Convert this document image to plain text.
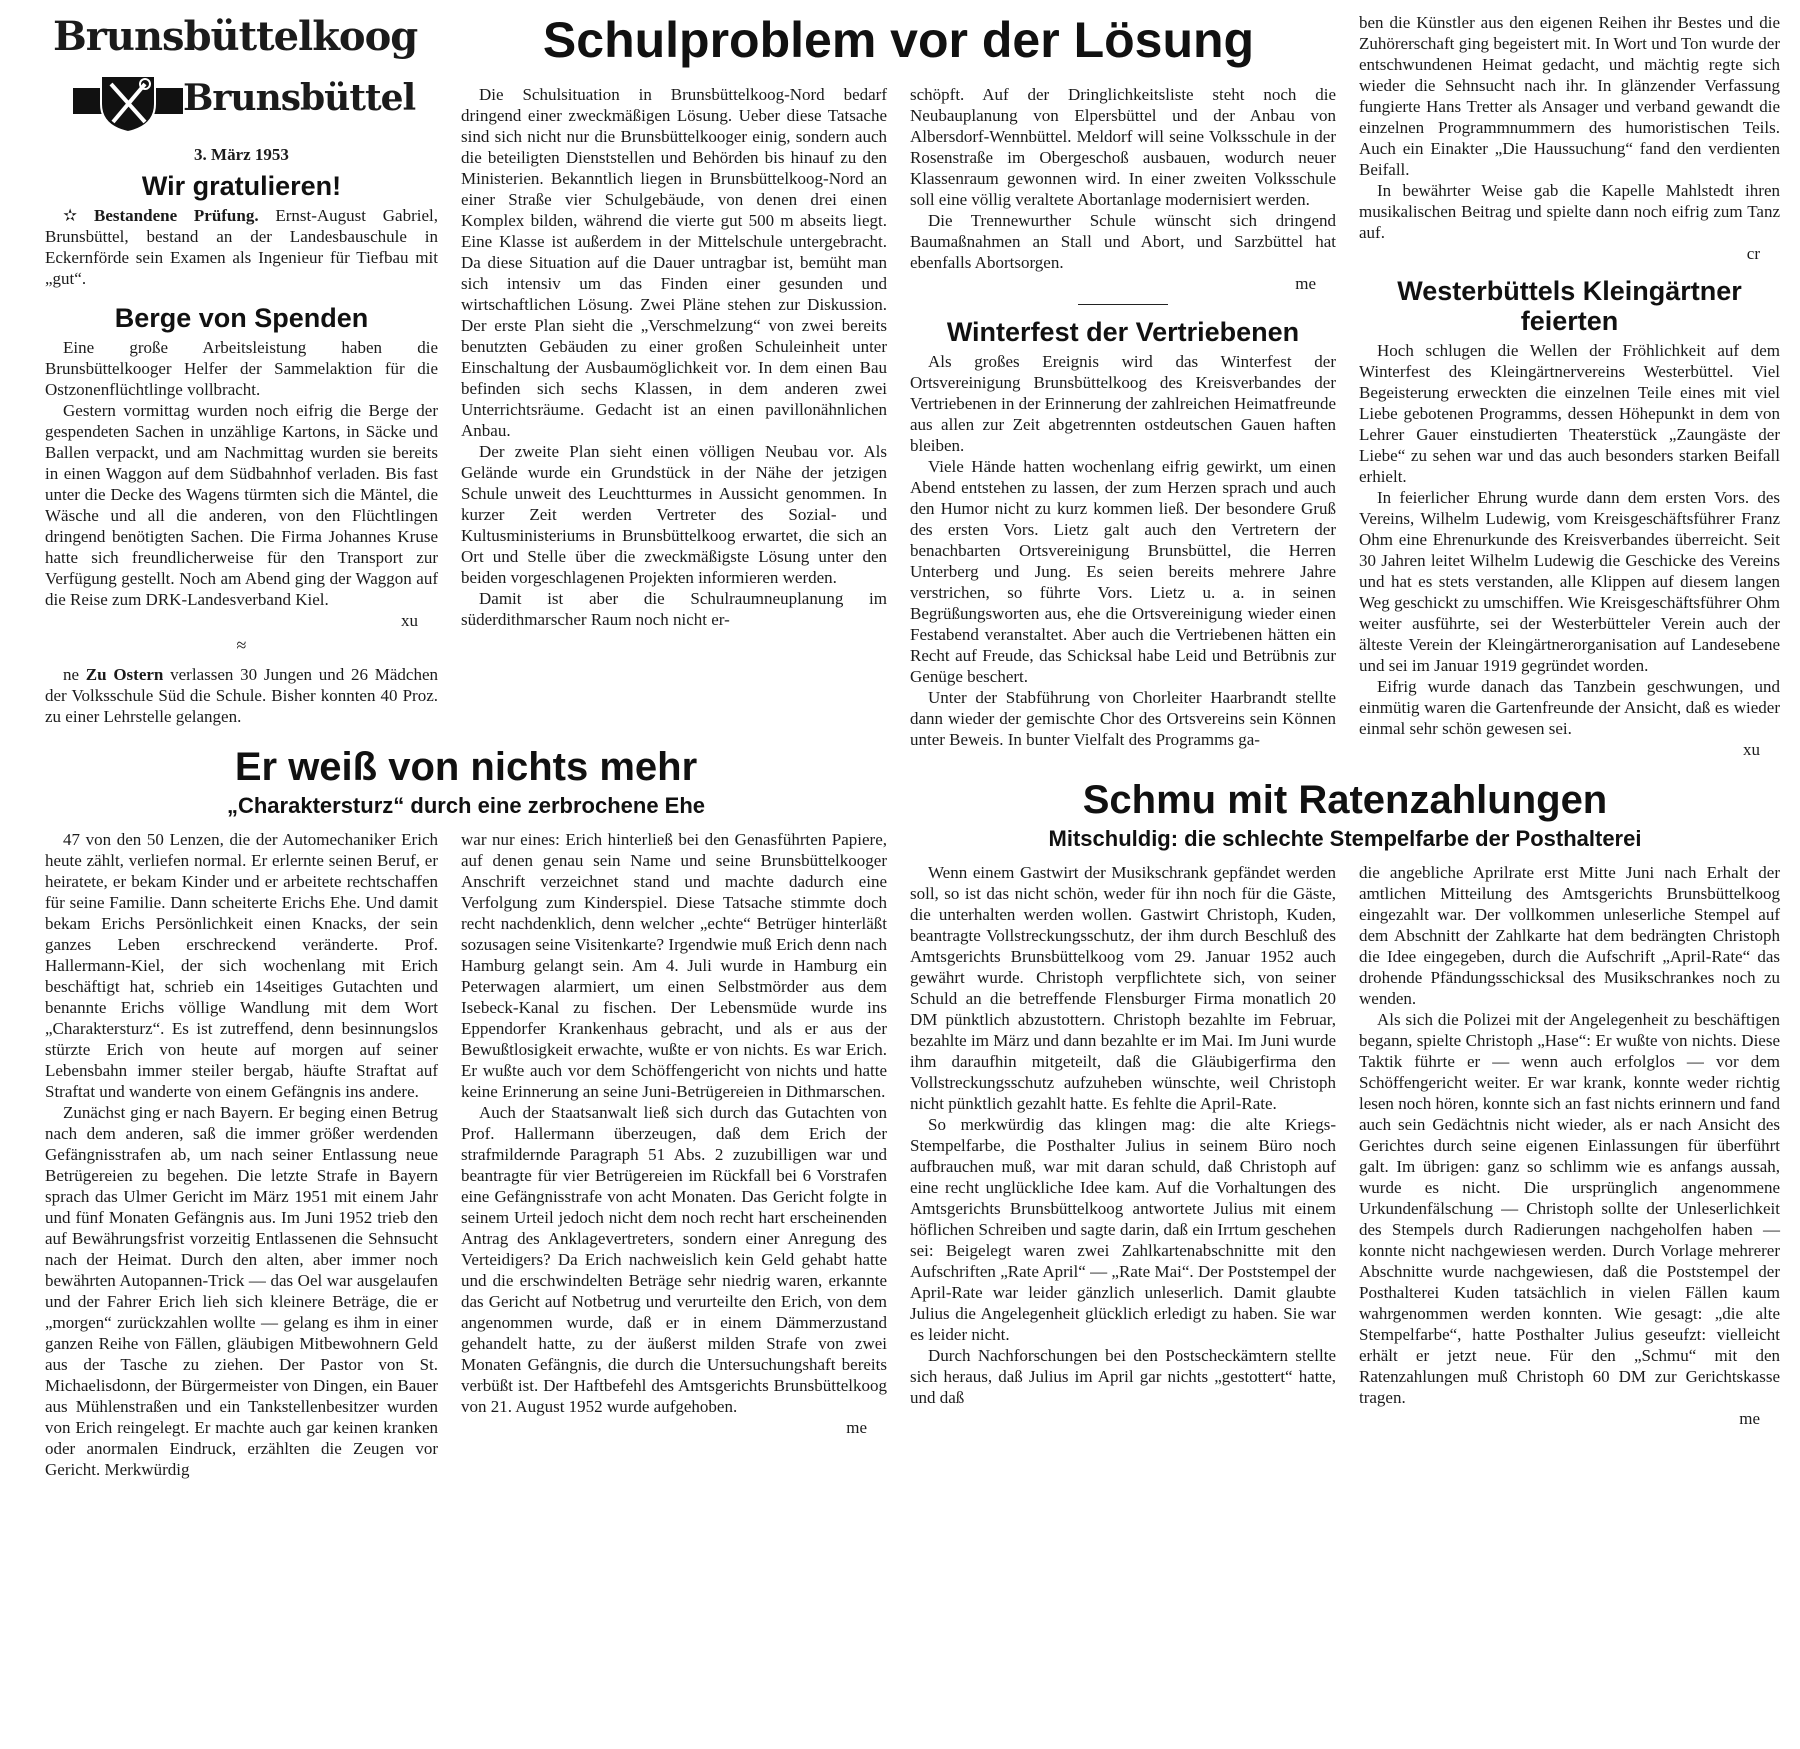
Schulproblem vor der Lösung
Brunsbüttelkoog
Brunsbüttel
3. März 1953
Wir gratulieren!

✫ Bestandene Prüfung. Ernst-August Gabriel, Brunsbüttel, bestand an der Landesbauschule in Eckernförde sein Examen als Ingenieur für Tiefbau mit „gut“.

Berge von Spenden

Eine große Arbeitsleistung haben die Brunsbüttelkooger Helfer der Sammelaktion für die Ostzonenflüchtlinge vollbracht.

Gestern vormittag wurden noch eifrig die Berge der gespendeten Sachen in unzählige Kartons, in Säcke und Ballen verpackt, und am Nachmittag wurden sie bereits in einen Waggon auf dem Südbahnhof verladen. Bis fast unter die Decke des Wagens türmten sich die Mäntel, die Wäsche und all die anderen, von den Flüchtlingen dringend benötigten Sachen. Die Firma Johannes Kruse hatte sich freundlicherweise für den Transport zur Verfügung gestellt. Noch am Abend ging der Waggon auf die Reise zum DRK-Landesverband Kiel.

xu
≈

ne Zu Ostern verlassen 30 Jungen und 26 Mädchen der Volksschule Süd die Schule. Bisher konnten 40 Proz. zu einer Lehrstelle gelangen.

Die Schulsituation in Brunsbüttelkoog-Nord bedarf dringend einer zweckmäßigen Lösung. Ueber diese Tatsache sind sich nicht nur die Brunsbüttelkooger einig, sondern auch die beteiligten Dienststellen und Behörden bis hinauf zu den Ministerien. Bekanntlich liegen in Brunsbüttelkoog-Nord an einer Straße vier Schulgebäude, von denen drei einen Komplex bilden, während die vierte gut 500 m abseits liegt. Eine Klasse ist außerdem in der Mittelschule untergebracht. Da diese Situation auf die Dauer untragbar ist, bemüht man sich intensiv um das Finden einer gesunden und wirtschaftlichen Lösung. Zwei Pläne stehen zur Diskussion. Der erste Plan sieht die „Verschmelzung“ von zwei bereits benutzten Gebäuden zu einer großen Schuleinheit unter Einschaltung der Ausbaumöglichkeit vor. In dem einen Bau befinden sich sechs Klassen, in dem anderen zwei Unterrichtsräume. Gedacht ist an einen pavillonähnlichen Anbau.

Der zweite Plan sieht einen völligen Neubau vor. Als Gelände wurde ein Grundstück in der Nähe der jetzigen Schule unweit des Leuchtturmes in Aussicht genommen. In kurzer Zeit werden Vertreter des Sozial- und Kultusministeriums in Brunsbüttelkoog erwartet, die sich an Ort und Stelle über die zweckmäßigste Lösung unter den beiden vorgeschlagenen Projekten informieren werden.

Damit ist aber die Schulraumneuplanung im süderdithmarscher Raum noch nicht er-

Er weiß von nichts mehr
„Charaktersturz“ durch eine zerbrochene Ehe

47 von den 50 Lenzen, die der Automechaniker Erich heute zählt, verliefen normal. Er erlernte seinen Beruf, er heiratete, er bekam Kinder und er arbeitete rechtschaffen für seine Familie. Dann scheiterte Erichs Ehe. Und damit bekam Erichs Persönlichkeit einen Knacks, der sein ganzes Leben erschreckend veränderte. Prof. Hallermann-Kiel, der sich wochenlang mit Erich beschäftigt hat, schrieb ein 14seitiges Gutachten und benannte Erichs völlige Wandlung mit dem Wort „Charaktersturz“. Es ist zutreffend, denn besinnungslos stürzte Erich von heute auf morgen auf seiner Lebensbahn immer steiler bergab, häufte Straftat auf Straftat und wanderte von einem Gefängnis ins andere.

Zunächst ging er nach Bayern. Er beging einen Betrug nach dem anderen, saß die immer größer werdenden Gefängnisstrafen ab, um nach seiner Entlassung neue Betrügereien zu begehen. Die letzte Strafe in Bayern sprach das Ulmer Gericht im März 1951 mit einem Jahr und fünf Monaten Gefängnis aus. Im Juni 1952 trieb den auf Bewährungsfrist vorzeitig Entlassenen die Sehnsucht nach der Heimat. Durch den alten, aber immer noch bewährten Autopannen-Trick — das Oel war ausgelaufen und der Fahrer Erich lieh sich kleinere Beträge, die er „morgen“ zurückzahlen wollte — gelang es ihm in einer ganzen Reihe von Fällen, gläubigen Mitbewohnern Geld aus der Tasche zu ziehen. Der Pastor von St. Michaelisdonn, der Bürgermeister von Dingen, ein Bauer aus Mühlenstraßen und ein Tankstellenbesitzer wurden von Erich reingelegt. Er machte auch gar keinen kranken oder anormalen Eindruck, erzählten die Zeugen vor Gericht. Merkwürdig

war nur eines: Erich hinterließ bei den Genasführten Papiere, auf denen genau sein Name und seine Brunsbüttelkooger Anschrift verzeichnet stand und machte dadurch eine Verfolgung zum Kinderspiel. Diese Tatsache stimmte doch recht nachdenklich, denn welcher „echte“ Betrüger hinterläßt sozusagen seine Visitenkarte? Irgendwie muß Erich denn nach Hamburg gelangt sein. Am 4. Juli wurde in Hamburg ein Peterwagen alarmiert, um einen Selbstmörder aus dem Isebeck-Kanal zu fischen. Der Lebensmüde wurde ins Eppendorfer Krankenhaus gebracht, und als er aus der Bewußtlosigkeit erwachte, wußte er von nichts. Es war Erich. Er wußte auch vor dem Schöffengericht von nichts und hatte keine Erinnerung an seine Juni-Betrügereien in Dithmarschen.

Auch der Staatsanwalt ließ sich durch das Gutachten von Prof. Hallermann überzeugen, daß dem Erich der strafmildernde Paragraph 51 Abs. 2 zuzubilligen war und beantragte für vier Betrügereien im Rückfall bei 6 Vorstrafen eine Gefängnisstrafe von acht Monaten. Das Gericht folgte in seinem Urteil jedoch nicht dem noch recht hart erscheinenden Antrag des Anklagevertreters, sondern einer Anregung des Verteidigers? Da Erich nachweislich kein Geld gehabt hatte und die erschwindelten Beträge sehr niedrig waren, erkannte das Gericht auf Notbetrug und verurteilte den Erich, von dem angenommen wurde, daß er in einem Dämmerzustand gehandelt hatte, zu der äußerst milden Strafe von zwei Monaten Gefängnis, die durch die Untersuchungshaft bereits verbüßt ist. Der Haftbefehl des Amtsgerichts Brunsbüttelkoog von 21. August 1952 wurde aufgehoben.

me

schöpft. Auf der Dringlichkeitsliste steht noch die Neubauplanung von Elpersbüttel und der Anbau von Albersdorf-Wennbüttel. Meldorf will seine Volksschule in der Rosenstraße im Obergeschoß ausbauen, wodurch neuer Klassenraum gewonnen wird. In einer zweiten Volksschule soll eine völlig veraltete Abortanlage modernisiert werden.

Die Trennewurther Schule wünscht sich dringend Baumaßnahmen an Stall und Abort, und Sarzbüttel hat ebenfalls Abortsorgen.

me
Winterfest der Vertriebenen

Als großes Ereignis wird das Winterfest der Ortsvereinigung Brunsbüttelkoog des Kreisverbandes der Vertriebenen in der Erinnerung der zahlreichen Heimatfreunde aus allen zur Zeit abgetrennten ostdeutschen Gauen haften bleiben.

Viele Hände hatten wochenlang eifrig gewirkt, um einen Abend entstehen zu lassen, der zum Herzen sprach und auch den Humor nicht zu kurz kommen ließ. Der besondere Gruß des ersten Vors. Lietz galt auch den Vertretern der benachbarten Ortsvereinigung Brunsbüttel, die Herren Unterberg und Jung. Es seien bereits mehrere Jahre verstrichen, so führte Vors. Lietz u. a. in seinen Begrüßungsworten aus, ehe die Ortsvereinigung wieder einen Festabend veranstaltet. Aber auch die Vertriebenen hätten ein Recht auf Freude, das Schicksal habe Leid und Betrübnis zur Genüge beschert.

Unter der Stabführung von Chorleiter Haarbrandt stellte dann wieder der gemischte Chor des Ortsvereins sein Können unter Beweis. In bunter Vielfalt des Programms ga-

ben die Künstler aus den eigenen Reihen ihr Bestes und die Zuhörerschaft ging begeistert mit. In Wort und Ton wurde der entschwundenen Heimat gedacht, und mächtig regte sich wieder die Sehnsucht nach ihr. In glänzender Verfassung fungierte Hans Tretter als Ansager und verband gewandt die einzelnen Programmnummern des humoristischen Teils. Auch ein Einakter „Die Haussuchung“ fand den verdienten Beifall.

In bewährter Weise gab die Kapelle Mahlstedt ihren musikalischen Beitrag und spielte dann noch eifrig zum Tanz auf.

cr
Westerbüttels Kleingärtner feierten

Hoch schlugen die Wellen der Fröhlichkeit auf dem Winterfest des Kleingärtnervereins Westerbüttel. Viel Begeisterung erweckten die einzelnen Teile eines mit viel Liebe gebotenen Programms, dessen Höhepunkt in dem von Lehrer Gauer einstudierten Theaterstück „Zaungäste der Liebe“ zu sehen war und das auch besonders starken Beifall erhielt.

In feierlicher Ehrung wurde dann dem ersten Vors. des Vereins, Wilhelm Ludewig, vom Kreisgeschäftsführer Franz Ohm eine Ehrenurkunde des Kreisverbandes überreicht. Seit 30 Jahren leitet Wilhelm Ludewig die Geschicke des Vereins und hat es stets verstanden, alle Klippen auf diesem langen Weg geschickt zu umschiffen. Wie Kreisgeschäftsführer Ohm weiter ausführte, sei der Westerbütteler Verein auch der älteste Verein der Kleingärtnerorganisation auf Landesebene und sei im Januar 1919 gegründet worden.

Eifrig wurde danach das Tanzbein geschwungen, und einmütig waren die Gartenfreunde der Ansicht, daß es wieder einmal sehr schön gewesen sei.

xu
Schmu mit Ratenzahlungen
Mitschuldig: die schlechte Stempelfarbe der Posthalterei

Wenn einem Gastwirt der Musikschrank gepfändet werden soll, so ist das nicht schön, weder für ihn noch für die Gäste, die unterhalten werden wollen. Gastwirt Christoph, Kuden, beantragte Vollstreckungsschutz, der ihm durch Beschluß des Amtsgerichts Brunsbüttelkoog vom 29. Januar 1952 auch gewährt wurde. Christoph verpflichtete sich, von seiner Schuld an die betreffende Flensburger Firma monatlich 20 DM pünktlich abzustottern. Christoph bezahlte im Februar, bezahlte im März und dann bezahlte er im Mai. Im Juni wurde ihm daraufhin mitgeteilt, daß die Gläubigerfirma den Vollstreckungsschutz aufzuheben wünschte, weil Christoph nicht pünktlich gezahlt hatte. Es fehlte die April-Rate.

So merkwürdig das klingen mag: die alte Kriegs-Stempelfarbe, die Posthalter Julius in seinem Büro noch aufbrauchen muß, war mit daran schuld, daß Christoph auf eine recht unglückliche Idee kam. Auf die Vorhaltungen des Amtsgerichts Brunsbüttelkoog antwortete Julius mit einem höflichen Schreiben und sagte darin, daß ein Irrtum geschehen sei: Beigelegt waren zwei Zahlkartenabschnitte mit den Aufschriften „Rate April“ — „Rate Mai“. Der Poststempel der April-Rate war leider gänzlich unleserlich. Damit glaubte Julius die Angelegenheit glücklich erledigt zu haben. Sie war es leider nicht.

Durch Nachforschungen bei den Postscheckämtern stellte sich heraus, daß Julius im April gar nichts „gestottert“ hatte, und daß

die angebliche Aprilrate erst Mitte Juni nach Erhalt der amtlichen Mitteilung des Amtsgerichts Brunsbüttelkoog eingezahlt war. Der vollkommen unleserliche Stempel auf dem Abschnitt der Zahlkarte hat dem bedrängten Christoph die Idee eingegeben, durch die Aufschrift „April-Rate“ das drohende Pfändungsschicksal des Musikschrankes noch zu wenden.

Als sich die Polizei mit der Angelegenheit zu beschäftigen begann, spielte Christoph „Hase“: Er wußte von nichts. Diese Taktik führte er — wenn auch erfolglos — vor dem Schöffengericht weiter. Er war krank, konnte weder richtig lesen noch hören, konnte sich an fast nichts erinnern und fand auch sein Gedächtnis nicht wieder, als er nach Ansicht des Gerichtes durch seine eigenen Einlassungen für überführt galt. Im übrigen: ganz so schlimm wie es anfangs aussah, wurde es nicht. Die ursprünglich angenommene Urkundenfälschung — Christoph sollte der Unleserlichkeit des Stempels durch Radierungen nachgeholfen haben — konnte nicht nachgewiesen werden. Durch Vorlage mehrerer Abschnitte wurde nachgewiesen, daß die Poststempel der Posthalterei Kuden tatsächlich in vielen Fällen kaum wahrgenommen werden konnten. Wie gesagt: „die alte Stempelfarbe“, hatte Posthalter Julius geseufzt: vielleicht erhält er jetzt neue. Für den „Schmu“ mit den Ratenzahlungen muß Christoph 60 DM zur Gerichtskasse tragen.

me
